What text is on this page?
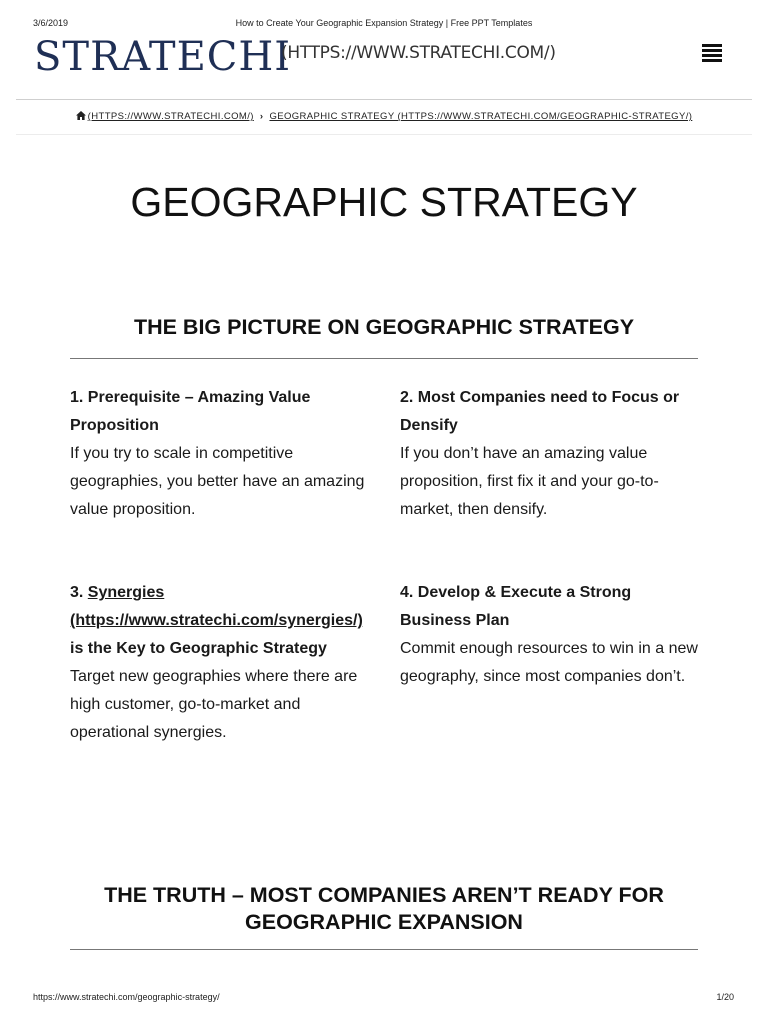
3/6/2019	How to Create Your Geographic Expansion Strategy | Free PPT Templates
STRATECHI
(HTTPS://WWW.STRATECHI.COM/)
(HTTPS://WWW.STRATECHI.COM/) › GEOGRAPHIC STRATEGY (HTTPS://WWW.STRATECHI.COM/GEOGRAPHIC-STRATEGY/)
GEOGRAPHIC STRATEGY
THE BIG PICTURE ON GEOGRAPHIC STRATEGY
1. Prerequisite – Amazing Value Proposition
If you try to scale in competitive geographies, you better have an amazing value proposition.
2. Most Companies need to Focus or Densify
If you don’t have an amazing value proposition, first fix it and your go-to-market, then densify.
3. Synergies
(https://www.stratechi.com/synergies/) is the Key to Geographic Strategy
Target new geographies where there are high customer, go-to-market and operational synergies.
4. Develop & Execute a Strong Business Plan
Commit enough resources to win in a new geography, since most companies don’t.
THE TRUTH – MOST COMPANIES AREN’T READY FOR GEOGRAPHIC EXPANSION
https://www.stratechi.com/geographic-strategy/	1/20
